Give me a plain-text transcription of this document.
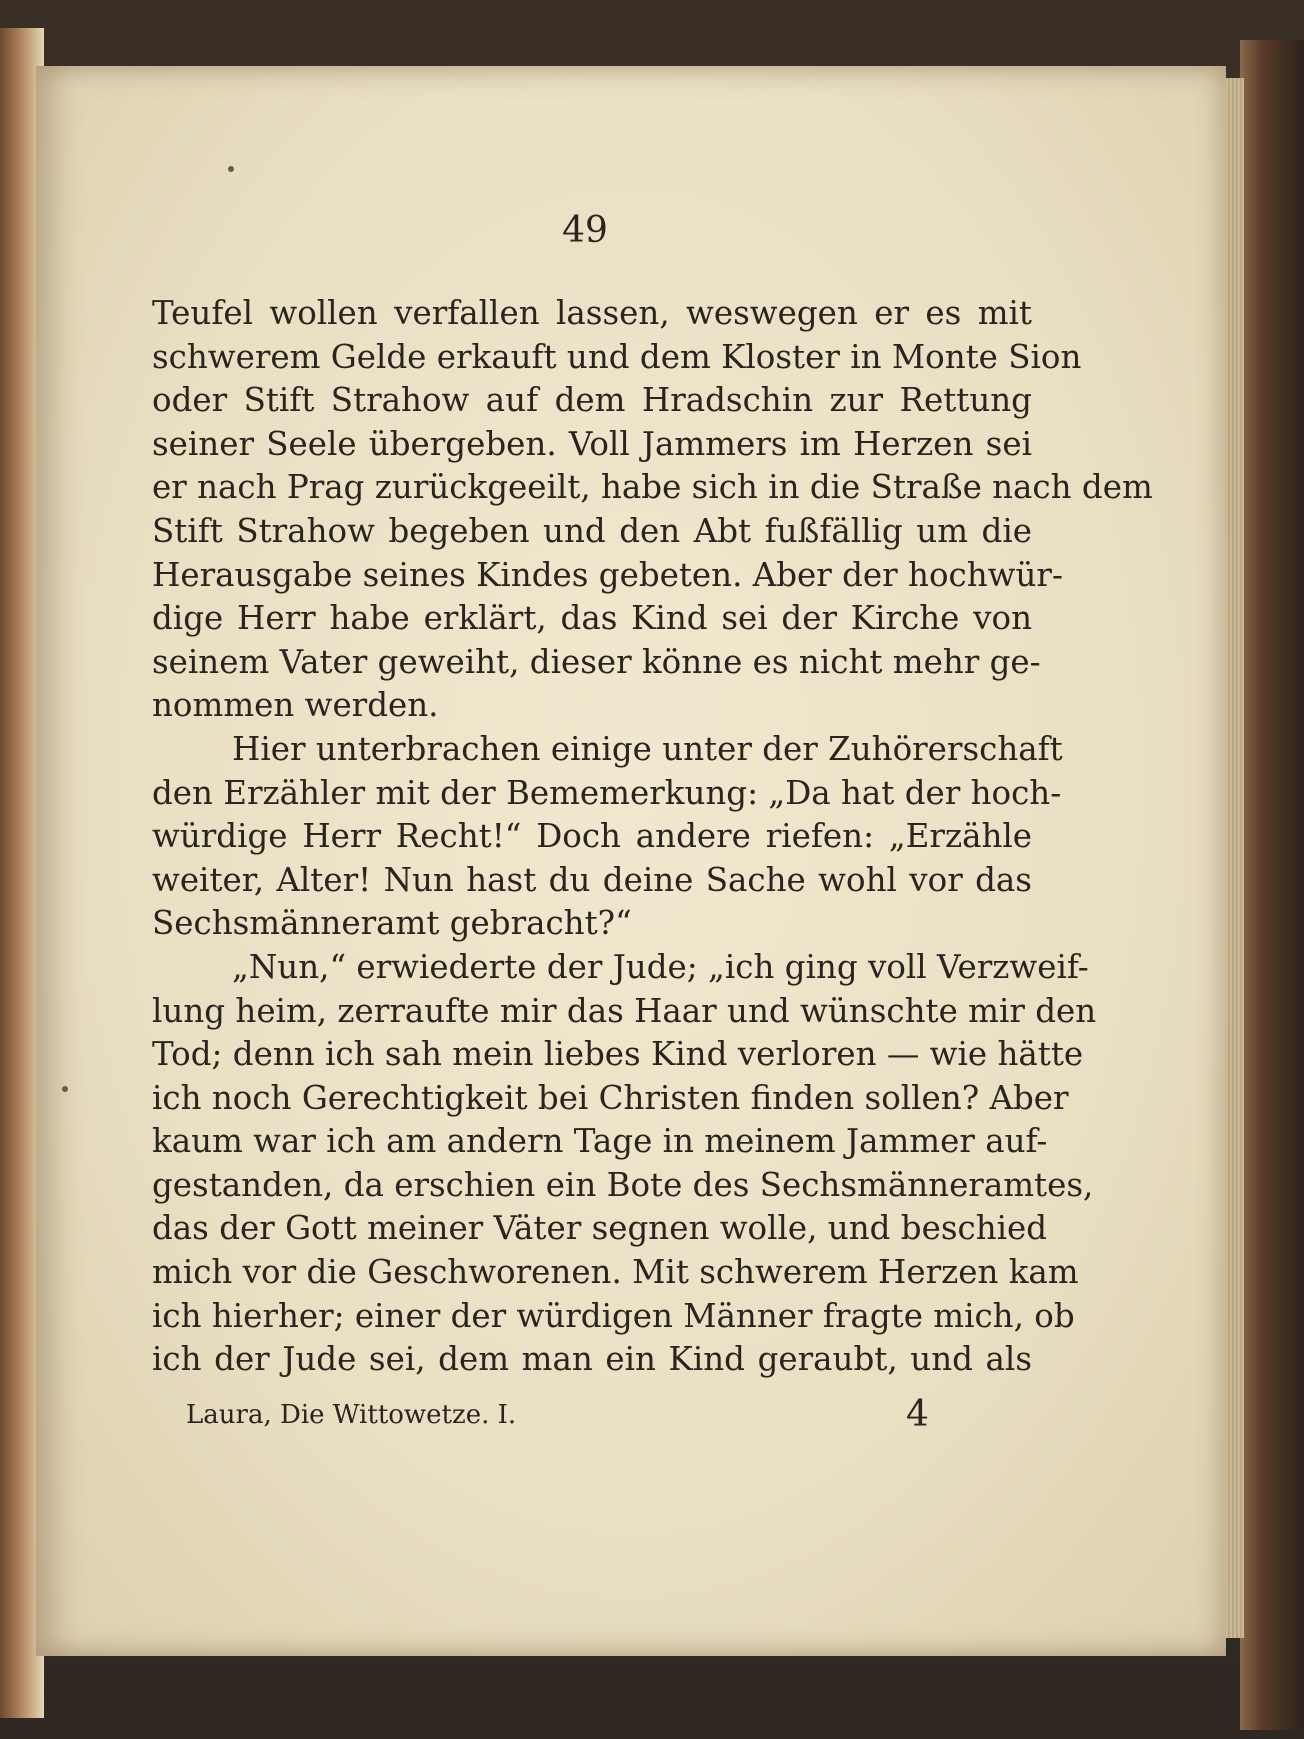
49
Teufel wollen verfallen lassen, weswegen er es mit
schwerem Gelde erkauft und dem Kloster in Monte Sion
oder Stift Strahow auf dem Hradschin zur Rettung
seiner Seele übergeben. Voll Jammers im Herzen sei
er nach Prag zurückgeeilt, habe sich in die Straße nach dem
Stift Strahow begeben und den Abt fußfällig um die
Herausgabe seines Kindes gebeten. Aber der hochwür-
dige Herr habe erklärt, das Kind sei der Kirche von
seinem Vater geweiht, dieser könne es nicht mehr ge-
nommen werden.
Hier unterbrachen einige unter der Zuhörerschaft
den Erzähler mit der Bememerkung: „Da hat der hoch-
würdige Herr Recht!“ Doch andere riefen: „Erzähle
weiter, Alter! Nun hast du deine Sache wohl vor das
Sechsmänneramt gebracht?“
„Nun,“ erwiederte der Jude; „ich ging voll Verzweif-
lung heim, zerraufte mir das Haar und wünschte mir den
Tod; denn ich sah mein liebes Kind verloren — wie hätte
ich noch Gerechtigkeit bei Christen finden sollen? Aber
kaum war ich am andern Tage in meinem Jammer auf-
gestanden, da erschien ein Bote des Sechsmänneramtes,
das der Gott meiner Väter segnen wolle, und beschied
mich vor die Geschworenen. Mit schwerem Herzen kam
ich hierher; einer der würdigen Männer fragte mich, ob
ich der Jude sei, dem man ein Kind geraubt, und als
Laura, Die Wittowetze. I.	4
